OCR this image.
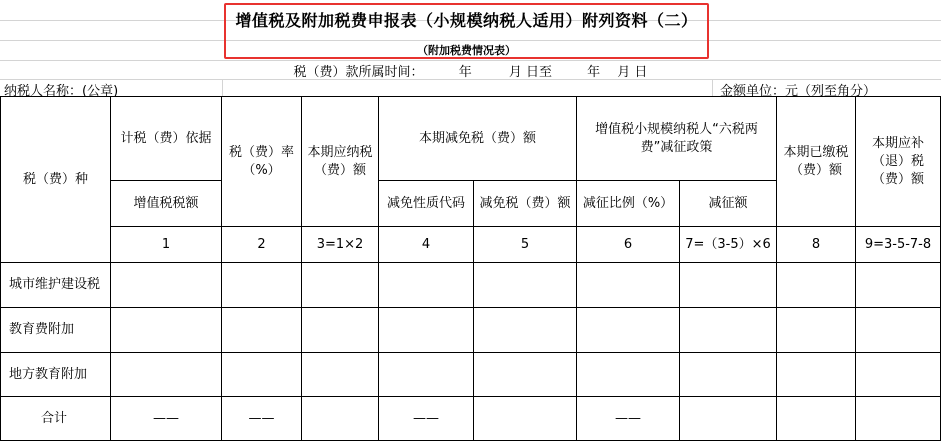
增值税及附加税费申报表（小规模纳税人适用）附列资料（二）
（附加税费情况表）
税（费）款所属时间：	年	月 日至	年 月 日
纳税人名称：(公章)	金额单位：元（列至角分）
税（费）种	计税（费）依据	税（费）率（%）	本期应纳税（费）额	本期减免税（费）额		增值税小规模纳税人“六税两费”减征政策		本期已缴税（费）额	本期应补（退）税（费）额
	增值税税额			减免性质代码	减免税（费）额	减征比例（%）	减征额		
	1	2	3=1×2	4	5	6	7=（3-5）×6	8	9=3-5-7-8
城市维护建设税									
教育费附加									
地方教育附加									
合计	——	——		——		——			
